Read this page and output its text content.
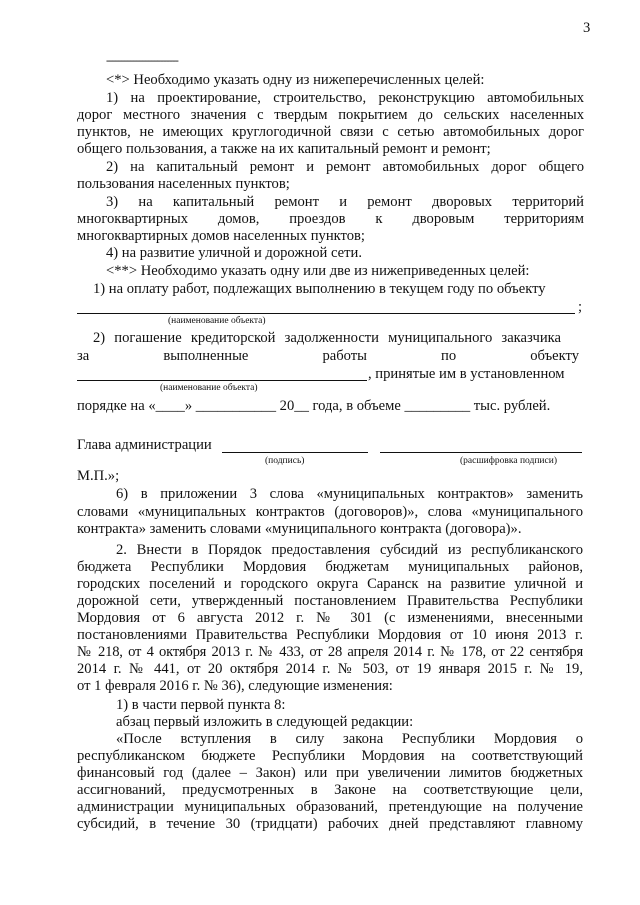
3
------------------------
<*> Необходимо указать одну из нижеперечисленных целей:
1) на проектирование, строительство, реконструкцию автомобильных
дорог местного значения с твердым покрытием до сельских населенных
пунктов, не имеющих круглогодичной связи с сетью автомобильных дорог
общего пользования, а также на их капитальный ремонт и ремонт;
2) на капитальный ремонт и ремонт автомобильных дорог общего
пользования населенных пунктов;
3) на капитальный ремонт и ремонт дворовых территорий
многоквартирных домов, проездов к дворовым территориям
многоквартирных домов населенных пунктов;
4) на развитие уличной и дорожной сети.
<**> Необходимо указать одну или две из нижеприведенных целей:
1) на оплату работ, подлежащих выполнению в текущем году по объекту
;
(наименование объекта)
2) погашение кредиторской задолженности муниципального заказчика
за выполненные работы по объекту
, принятые им в установленном
(наименование объекта)
порядке на «____» ___________ 20__ года, в объеме _________ тыс. рублей.
Глава администрации
(подпись)	(расшифровка подписи)
М.П.»;
6) в приложении 3 слова «муниципальных контрактов» заменить
словами «муниципальных контрактов (договоров)», слова «муниципального
контракта» заменить словами «муниципального контракта (договора)».
2. Внести в Порядок предоставления субсидий из республиканского
бюджета Республики Мордовия бюджетам муниципальных районов,
городских поселений и городского округа Саранск на развитие уличной и
дорожной сети, утвержденный постановлением Правительства Республики
Мордовия от 6 августа 2012 г. № 301 (с изменениями, внесенными
постановлениями Правительства Республики Мордовия от 10 июня 2013 г.
№ 218, от 4 октября 2013 г. № 433, от 28 апреля 2014 г. № 178, от 22 сентября
2014 г. № 441, от 20 октября 2014 г. № 503, от 19 января 2015 г. № 19,
от 1 февраля 2016 г. № 36), следующие изменения:
1) в части первой пункта 8:
абзац первый изложить в следующей редакции:
«После вступления в силу закона Республики Мордовия о
республиканском бюджете Республики Мордовия на соответствующий
финансовый год (далее – Закон) или при увеличении лимитов бюджетных
ассигнований, предусмотренных в Законе на соответствующие цели,
администрации муниципальных образований, претендующие на получение
субсидий, в течение 30 (тридцати) рабочих дней представляют главному
